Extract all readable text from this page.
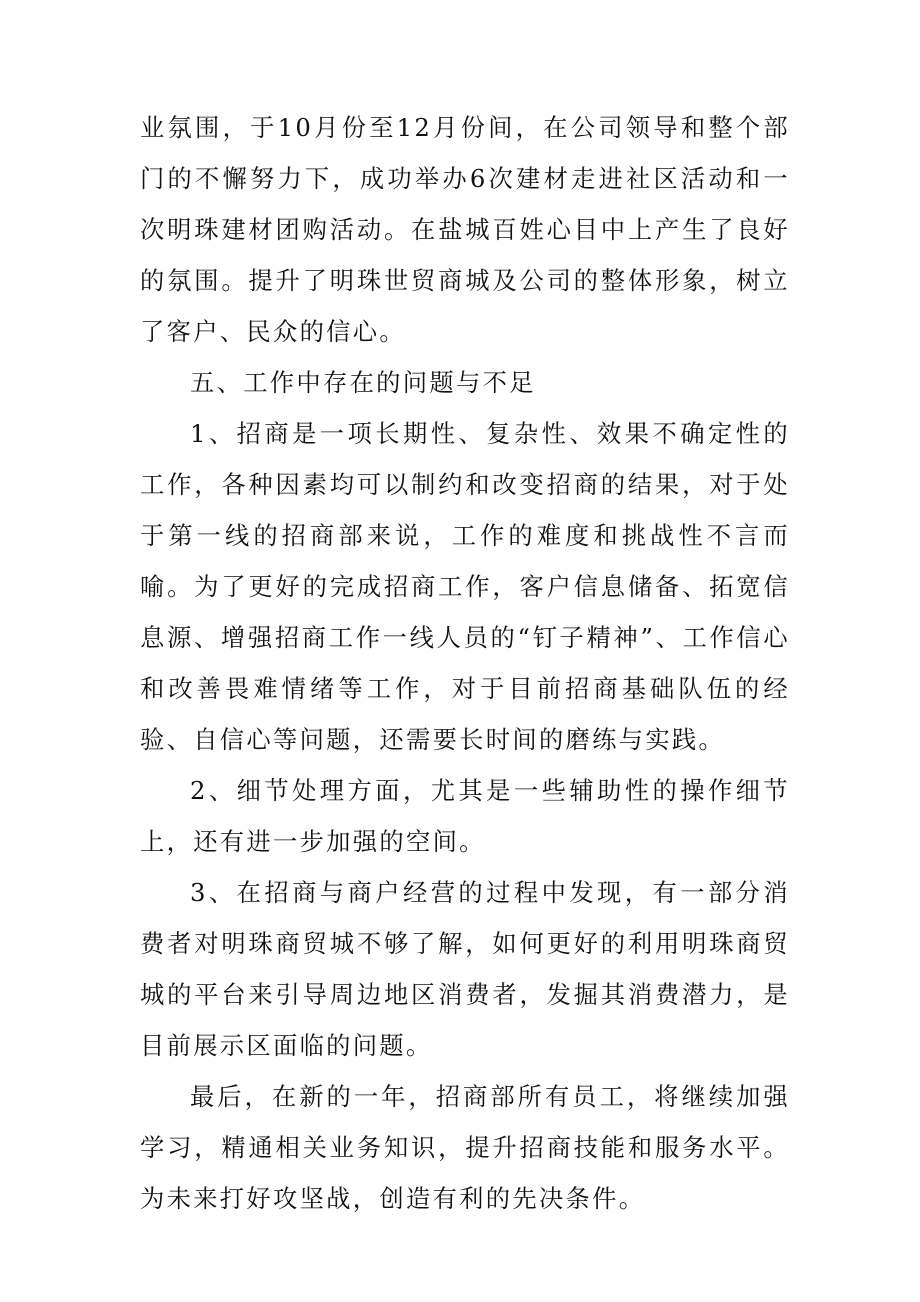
业氛围，于10月份至12月份间，在公司领导和整个部门的不懈努力下，成功举办6次建材走进社区活动和一次明珠建材团购活动。在盐城百姓心目中上产生了良好的氛围。提升了明珠世贸商城及公司的整体形象，树立了客户、民众的信心。

五、工作中存在的问题与不足

1、招商是一项长期性、复杂性、效果不确定性的工作，各种因素均可以制约和改变招商的结果，对于处于第一线的招商部来说，工作的难度和挑战性不言而喻。为了更好的完成招商工作，客户信息储备、拓宽信息源、增强招商工作一线人员的“钉子精神”、工作信心和改善畏难情绪等工作，对于目前招商基础队伍的经验、自信心等问题，还需要长时间的磨练与实践。

2、细节处理方面，尤其是一些辅助性的操作细节上，还有进一步加强的空间。

3、在招商与商户经营的过程中发现，有一部分消费者对明珠商贸城不够了解，如何更好的利用明珠商贸城的平台来引导周边地区消费者，发掘其消费潜力，是目前展示区面临的问题。

最后，在新的一年，招商部所有员工，将继续加强学习，精通相关业务知识，提升招商技能和服务水平。为未来打好攻坚战，创造有利的先决条件。
